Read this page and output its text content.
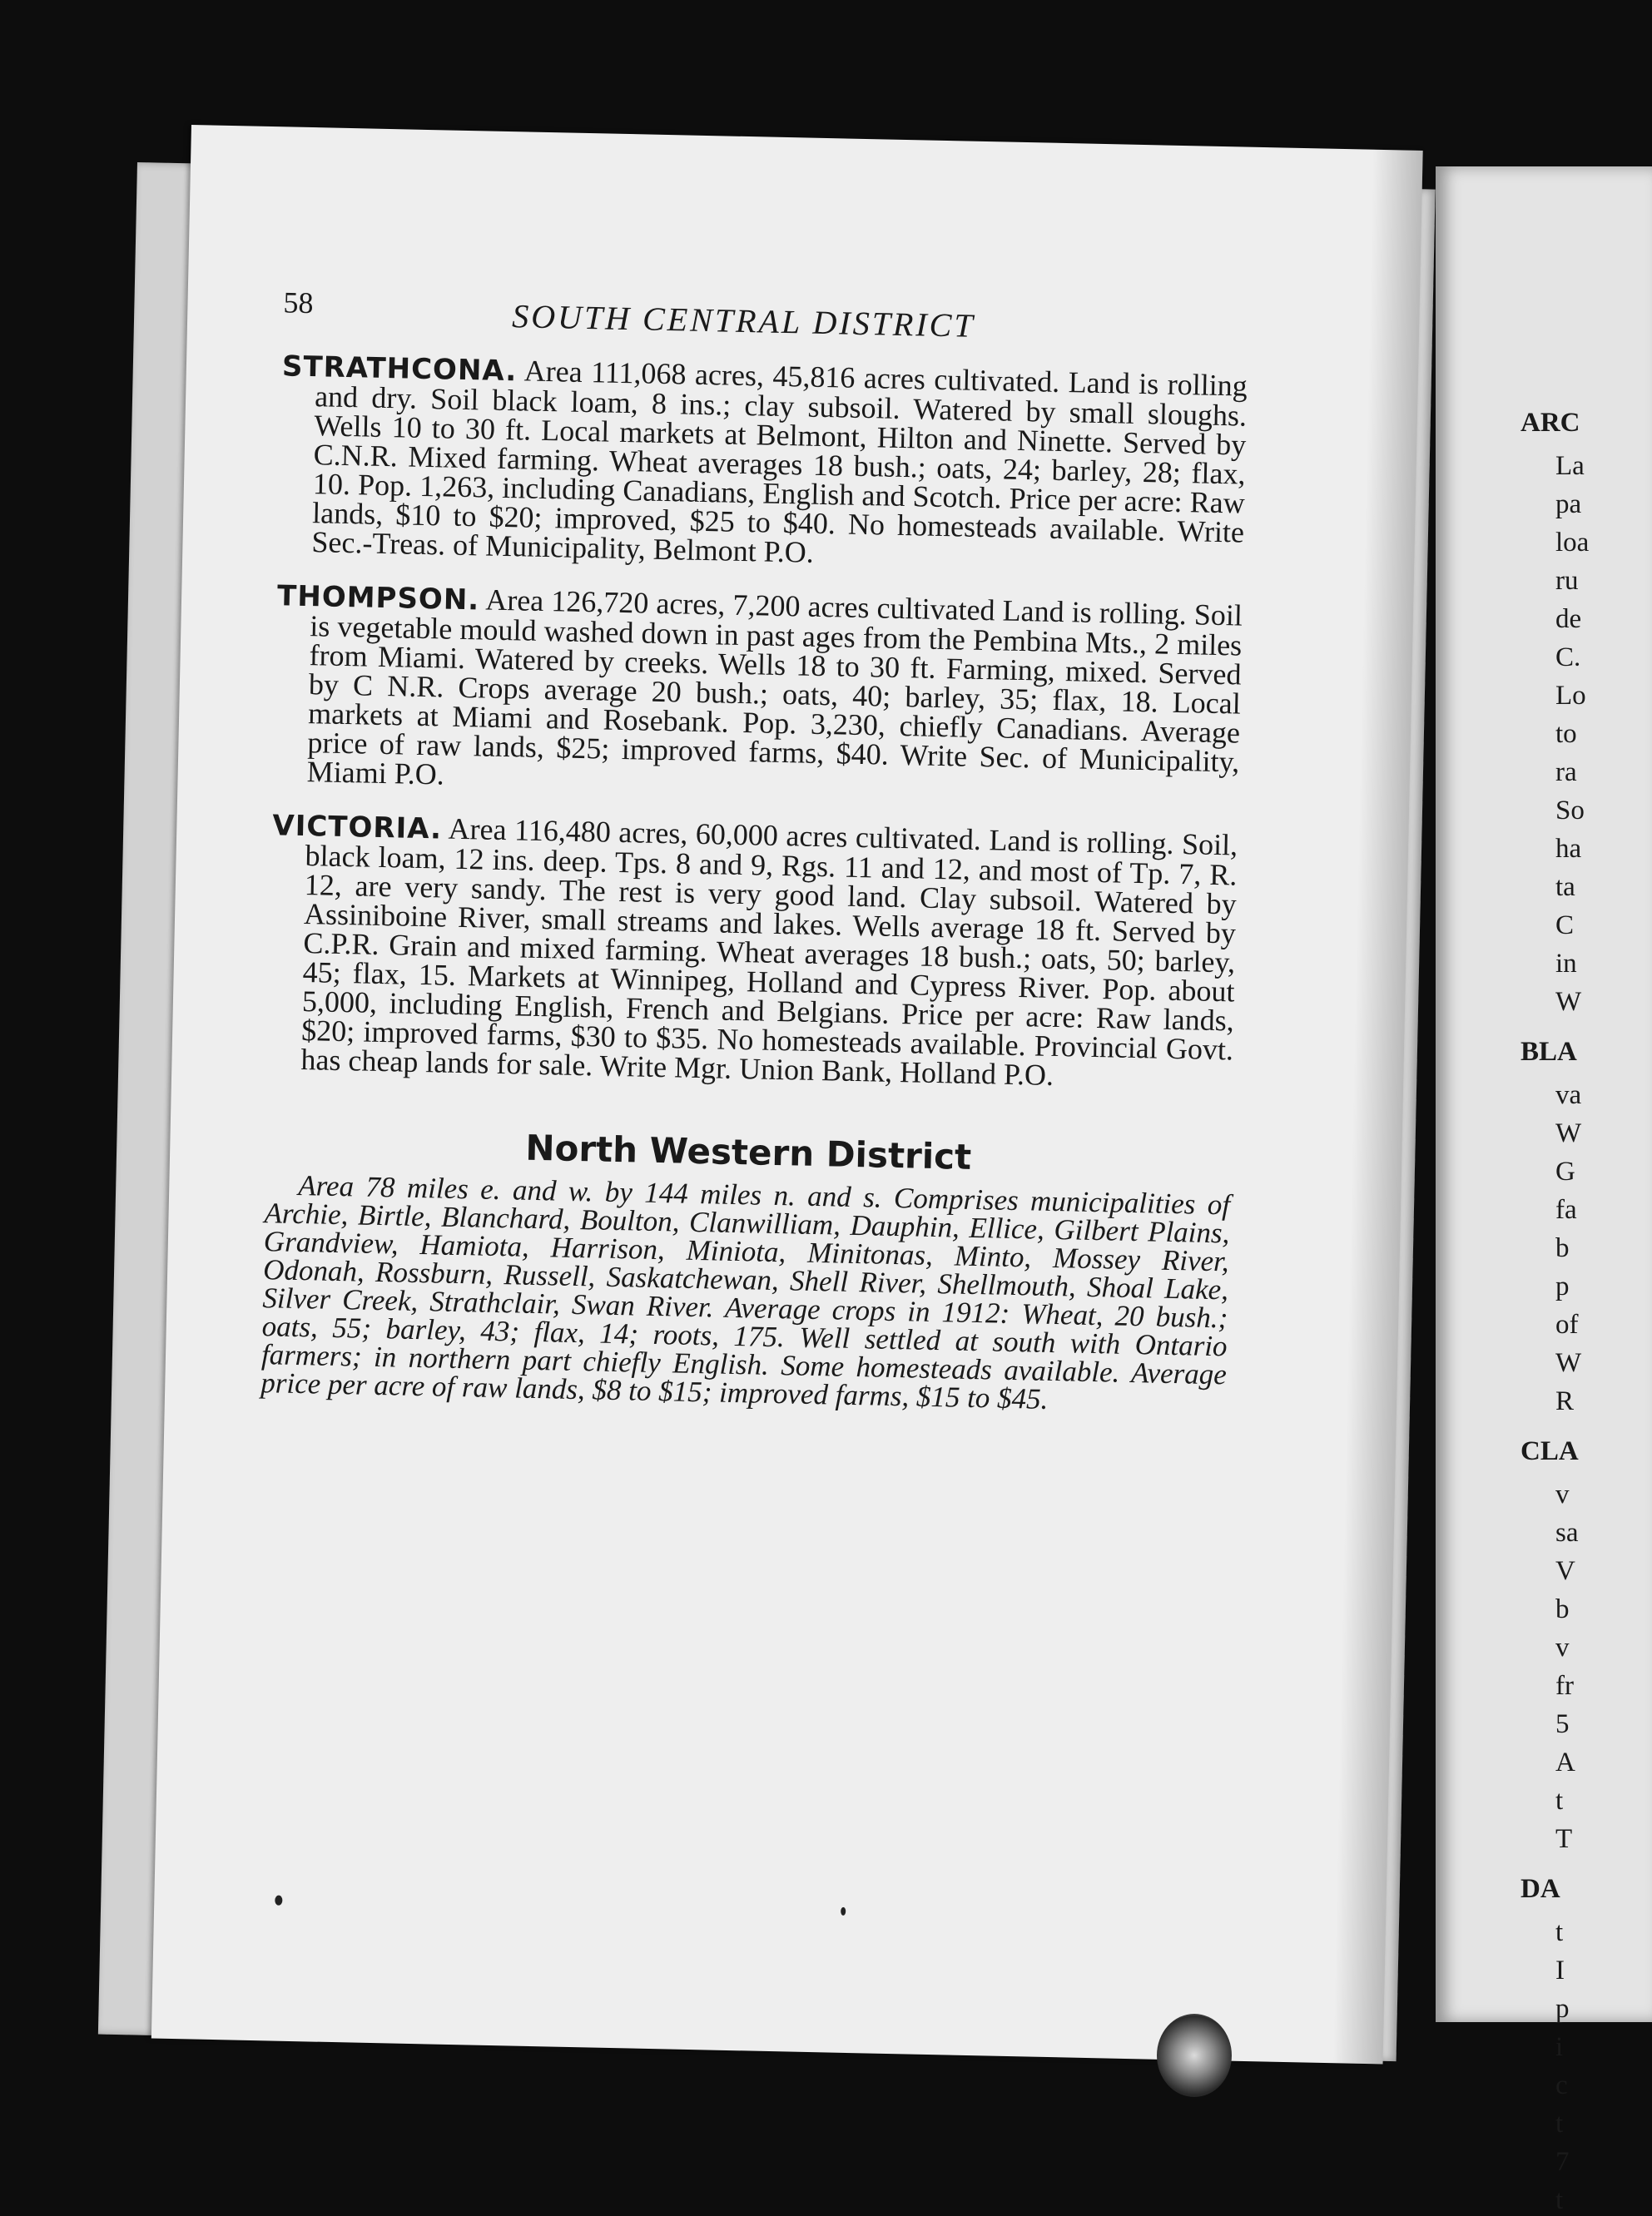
ARC
La
pa
loa
ru
de
C.
Lo
to
ra
So
ha
ta
C
in
W
BLA
va
W
G
fa
b
p
of
W
R
CLA
v
sa
V
b
v
fr
5
A
t
T
DA
t
I
p
i
c
t
7
t
58	SOUTH CENTRAL DISTRICT

STRATHCONA. Area 111,068 acres, 45,816 acres cultivated. Land is rolling and dry. Soil black loam, 8 ins.; clay subsoil. Watered by small sloughs. Wells 10 to 30 ft. Local markets at Belmont, Hilton and Ninette. Served by C.N.R. Mixed farming. Wheat averages 18 bush.; oats, 24; barley, 28; flax, 10. Pop. 1,263, including Canadians, English and Scotch. Price per acre: Raw lands, $10 to $20; improved, $25 to $40. No homesteads available. Write Sec.-Treas. of Municipality, Belmont P.O.

THOMPSON. Area 126,720 acres, 7,200 acres cultivated Land is rolling. Soil is vegetable mould washed down in past ages from the Pembina Mts., 2 miles from Miami. Watered by creeks. Wells 18 to 30 ft. Farming, mixed. Served by C N.R. Crops average 20 bush.; oats, 40; barley, 35; flax, 18. Local markets at Miami and Rosebank. Pop. 3,230, chiefly Canadians. Average price of raw lands, $25; improved farms, $40. Write Sec. of Municipality, Miami P.O.

VICTORIA. Area 116,480 acres, 60,000 acres cultivated. Land is rolling. Soil, black loam, 12 ins. deep. Tps. 8 and 9, Rgs. 11 and 12, and most of Tp. 7, R. 12, are very sandy. The rest is very good land. Clay subsoil. Watered by Assiniboine River, small streams and lakes. Wells average 18 ft. Served by C.P.R. Grain and mixed farming. Wheat averages 18 bush.; oats, 50; barley, 45; flax, 15. Markets at Winnipeg, Holland and Cypress River. Pop. about 5,000, including English, French and Belgians. Price per acre: Raw lands, $20; improved farms, $30 to $35. No homesteads available. Provincial Govt. has cheap lands for sale. Write Mgr. Union Bank, Holland P.O.

North Western District

Area 78 miles e. and w. by 144 miles n. and s. Comprises municipalities of Archie, Birtle, Blanchard, Boulton, Clanwilliam, Dauphin, Ellice, Gilbert Plains, Grandview, Hamiota, Harrison, Miniota, Minitonas, Minto, Mossey River, Odonah, Rossburn, Russell, Saskatchewan, Shell River, Shellmouth, Shoal Lake, Silver Creek, Strathclair, Swan River. Average crops in 1912: Wheat, 20 bush.; oats, 55; barley, 43; flax, 14; roots, 175. Well settled at south with Ontario farmers; in northern part chiefly English. Some homesteads available. Average price per acre of raw lands, $8 to $15; improved farms, $15 to $45.
